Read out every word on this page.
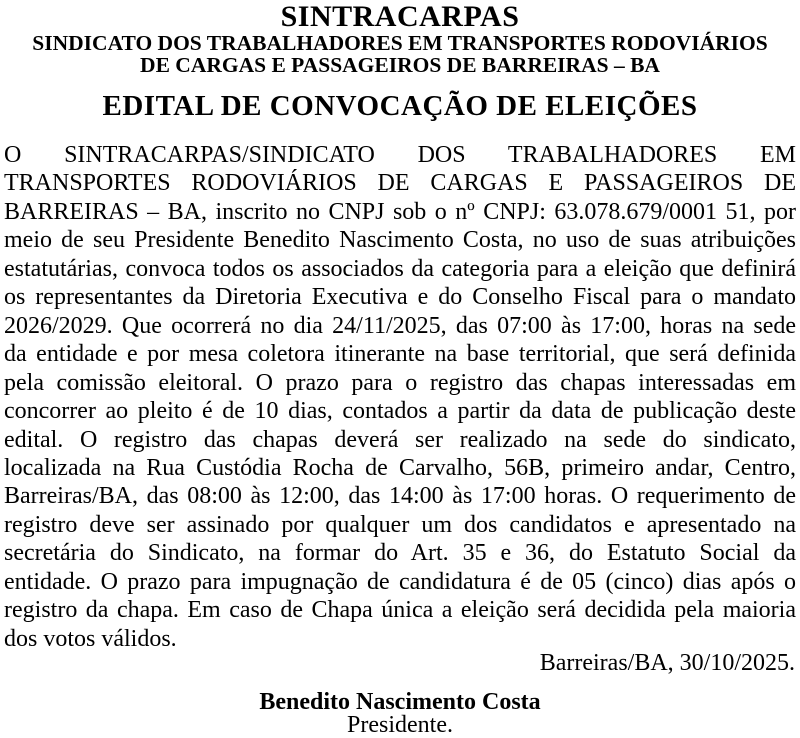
SINTRACARPAS
SINDICATO DOS TRABALHADORES EM TRANSPORTES RODOVIÁRIOS
DE CARGAS E PASSAGEIROS DE BARREIRAS – BA
EDITAL DE CONVOCAÇÃO DE ELEIÇÕES
O SINTRACARPAS/SINDICATO DOS TRABALHADORES EM
TRANSPORTES RODOVIÁRIOS DE CARGAS E PASSAGEIROS DE
BARREIRAS – BA, inscrito no CNPJ sob o nº CNPJ: 63.078.679/0001 51, por
meio de seu Presidente Benedito Nascimento Costa, no uso de suas atribuições
estatutárias, convoca todos os associados da categoria para a eleição que definirá
os representantes da Diretoria Executiva e do Conselho Fiscal para o mandato
2026/2029. Que ocorrerá no dia 24/11/2025, das 07:00 às 17:00, horas na sede
da entidade e por mesa coletora itinerante na base territorial, que será definida
pela comissão eleitoral. O prazo para o registro das chapas interessadas em
concorrer ao pleito é de 10 dias, contados a partir da data de publicação deste
edital. O registro das chapas deverá ser realizado na sede do sindicato,
localizada na Rua Custódia Rocha de Carvalho, 56B, primeiro andar, Centro,
Barreiras/BA, das 08:00 às 12:00, das 14:00 às 17:00 horas. O requerimento de
registro deve ser assinado por qualquer um dos candidatos e apresentado na
secretária do Sindicato, na formar do Art. 35 e 36, do Estatuto Social da
entidade. O prazo para impugnação de candidatura é de 05 (cinco) dias após o
registro da chapa. Em caso de Chapa única a eleição será decidida pela maioria
dos votos válidos.
Barreiras/BA, 30/10/2025.
Benedito Nascimento Costa
Presidente.
